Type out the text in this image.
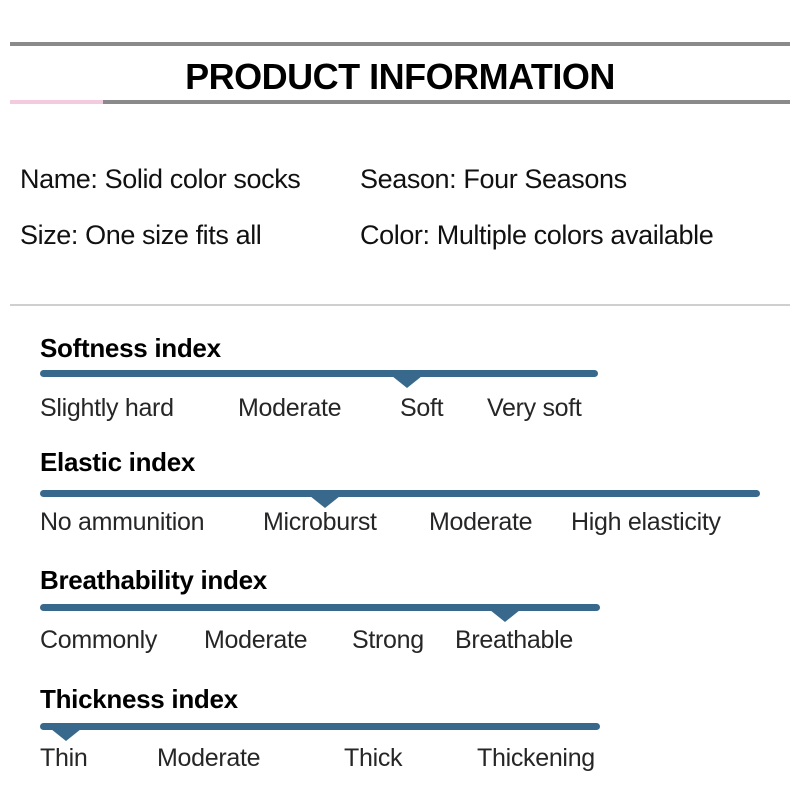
PRODUCT INFORMATION
Name: Solid color socks Season: Four Seasons
Size: One size fits all	Color: Multiple colors available
Softness index
Slightly hard	Moderate Soft Very soft
Elastic index
No ammunition Microburst Moderate High elasticity
Breathability index
Commonly Moderate Strong Breathable
Thickness index
Thin	Moderate	Thick	Thickening
